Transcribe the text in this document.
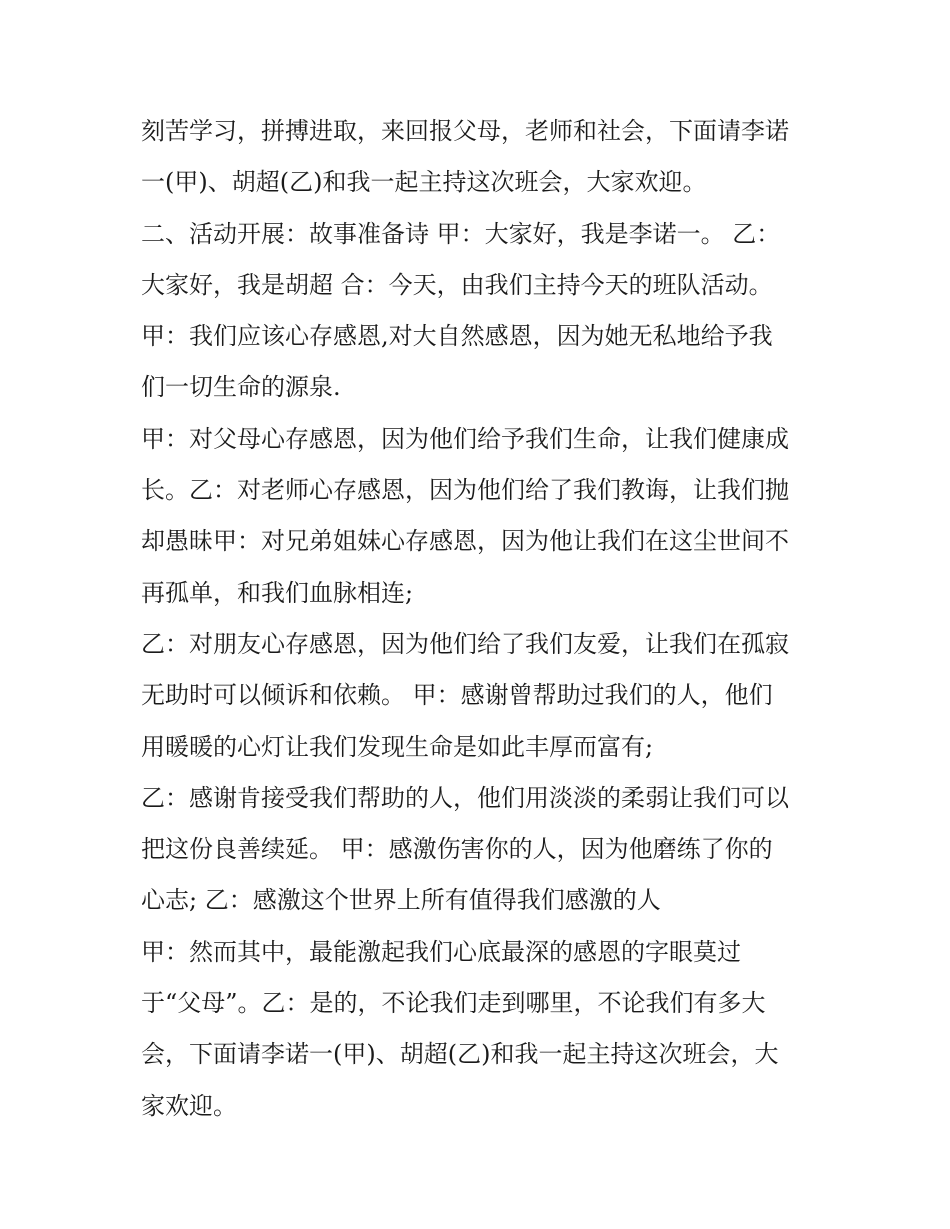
刻苦学习，拼搏进取，来回报父母，老师和社会，下面请李诺
一(甲)、胡超(乙)和我一起主持这次班会，大家欢迎。
二、活动开展：故事准备诗 甲：大家好，我是李诺一。 乙：
大家好，我是胡超 合：今天，由我们主持今天的班队活动。
甲：我们应该心存感恩,对大自然感恩，因为她无私地给予我
们一切生命的源泉.
甲：对父母心存感恩，因为他们给予我们生命，让我们健康成
长。乙：对老师心存感恩，因为他们给了我们教诲，让我们抛
却愚昧甲：对兄弟姐妹心存感恩，因为他让我们在这尘世间不
再孤单，和我们血脉相连;
乙：对朋友心存感恩，因为他们给了我们友爱，让我们在孤寂
无助时可以倾诉和依赖。 甲：感谢曾帮助过我们的人，他们
用暖暖的心灯让我们发现生命是如此丰厚而富有;
乙：感谢肯接受我们帮助的人，他们用淡淡的柔弱让我们可以
把这份良善续延。 甲：感激伤害你的人，因为他磨练了你的
心志; 乙：感激这个世界上所有值得我们感激的人
甲：然而其中，最能激起我们心底最深的感恩的字眼莫过
于“父母”。乙：是的，不论我们走到哪里，不论我们有多大
会，下面请李诺一(甲)、胡超(乙)和我一起主持这次班会，大
家欢迎。
